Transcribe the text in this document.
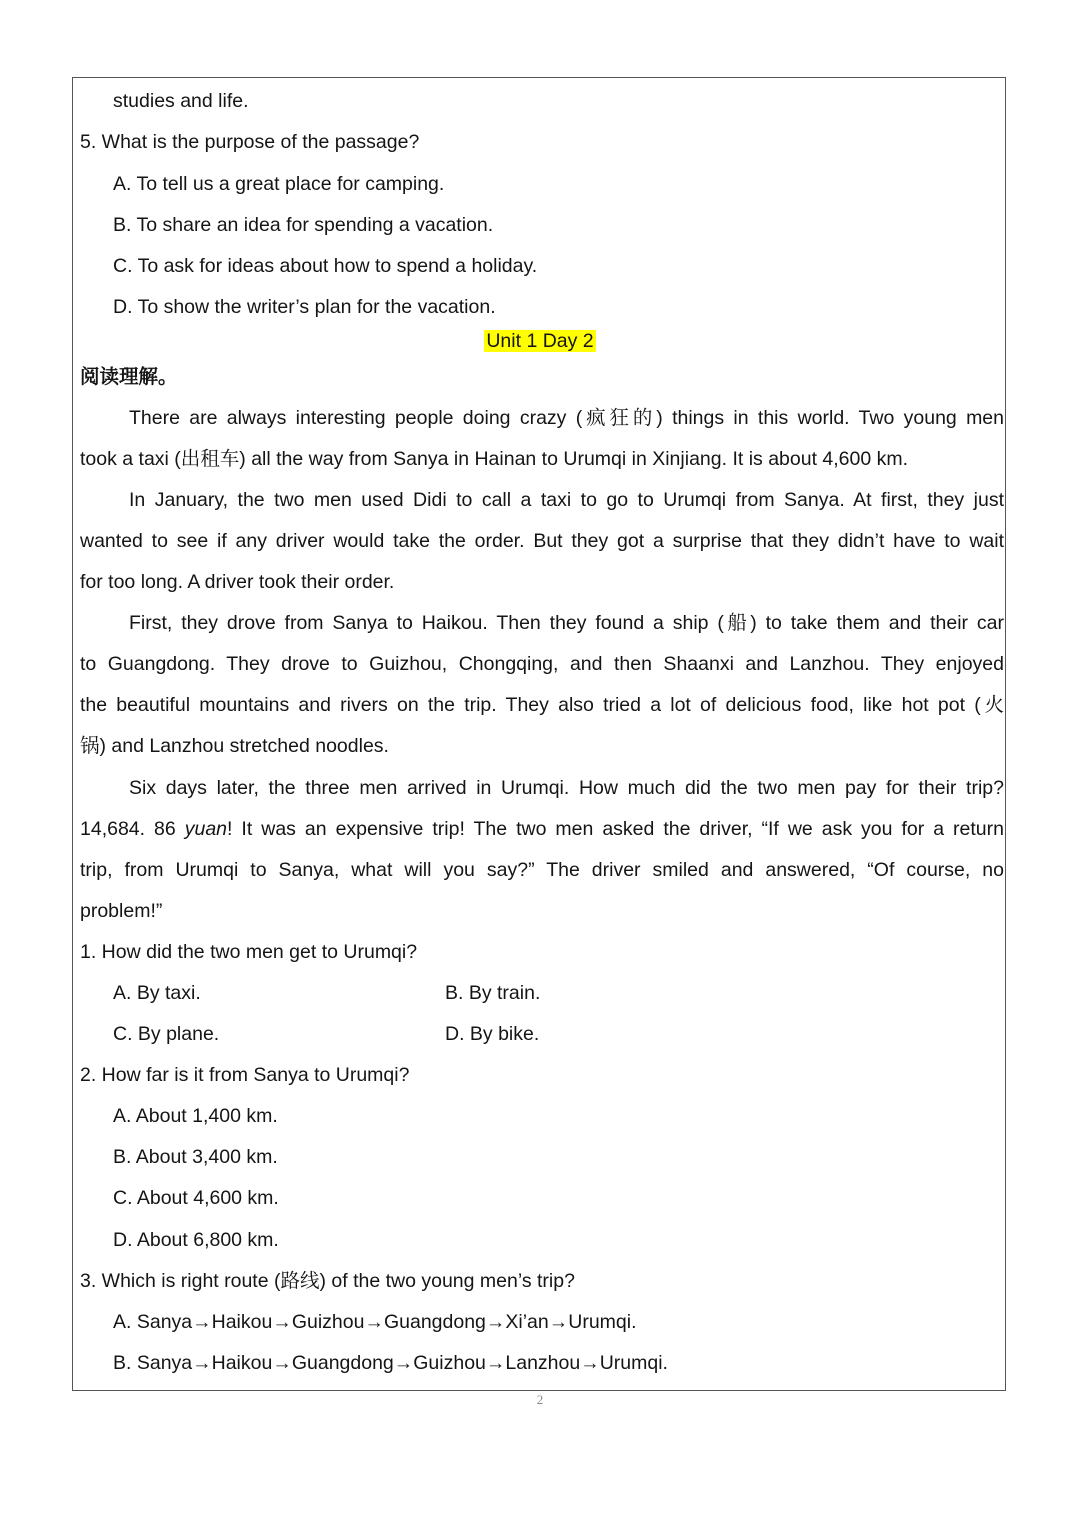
studies and life.
5. What is the purpose of the passage?
A. To tell us a great place for camping.
B. To share an idea for spending a vacation.
C. To ask for ideas about how to spend a holiday.
D. To show the writer’s plan for the vacation.
Unit 1 Day 2
阅读理解。
There are always interesting people doing crazy (疯狂的) things in this world. Two young men
took a taxi (出租车) all the way from Sanya in Hainan to Urumqi in Xinjiang. It is about 4,600 km.
In January, the two men used Didi to call a taxi to go to Urumqi from Sanya. At first, they just
wanted to see if any driver would take the order. But they got a surprise that they didn’t have to wait
for too long. A driver took their order.
First, they drove from Sanya to Haikou. Then they found a ship (船) to take them and their car
to Guangdong. They drove to Guizhou, Chongqing, and then Shaanxi and Lanzhou. They enjoyed
the beautiful mountains and rivers on the trip. They also tried a lot of delicious food, like hot pot (火
锅) and Lanzhou stretched noodles.
Six days later, the three men arrived in Urumqi. How much did the two men pay for their trip?
14,684. 86 yuan! It was an expensive trip! The two men asked the driver, “If we ask you for a return
trip, from Urumqi to Sanya, what will you say?” The driver smiled and answered, “Of course, no
problem!”
1. How did the two men get to Urumqi?
A. By taxi.	B. By train.
C. By plane.	D. By bike.
2. How far is it from Sanya to Urumqi?
A. About 1,400 km.
B. About 3,400 km.
C. About 4,600 km.
D. About 6,800 km.
3. Which is right route (路线) of the two young men’s trip?
A. Sanya→Haikou→Guizhou→Guangdong→Xi’an→Urumqi.
B. Sanya→Haikou→Guangdong→Guizhou→Lanzhou→Urumqi.
2
